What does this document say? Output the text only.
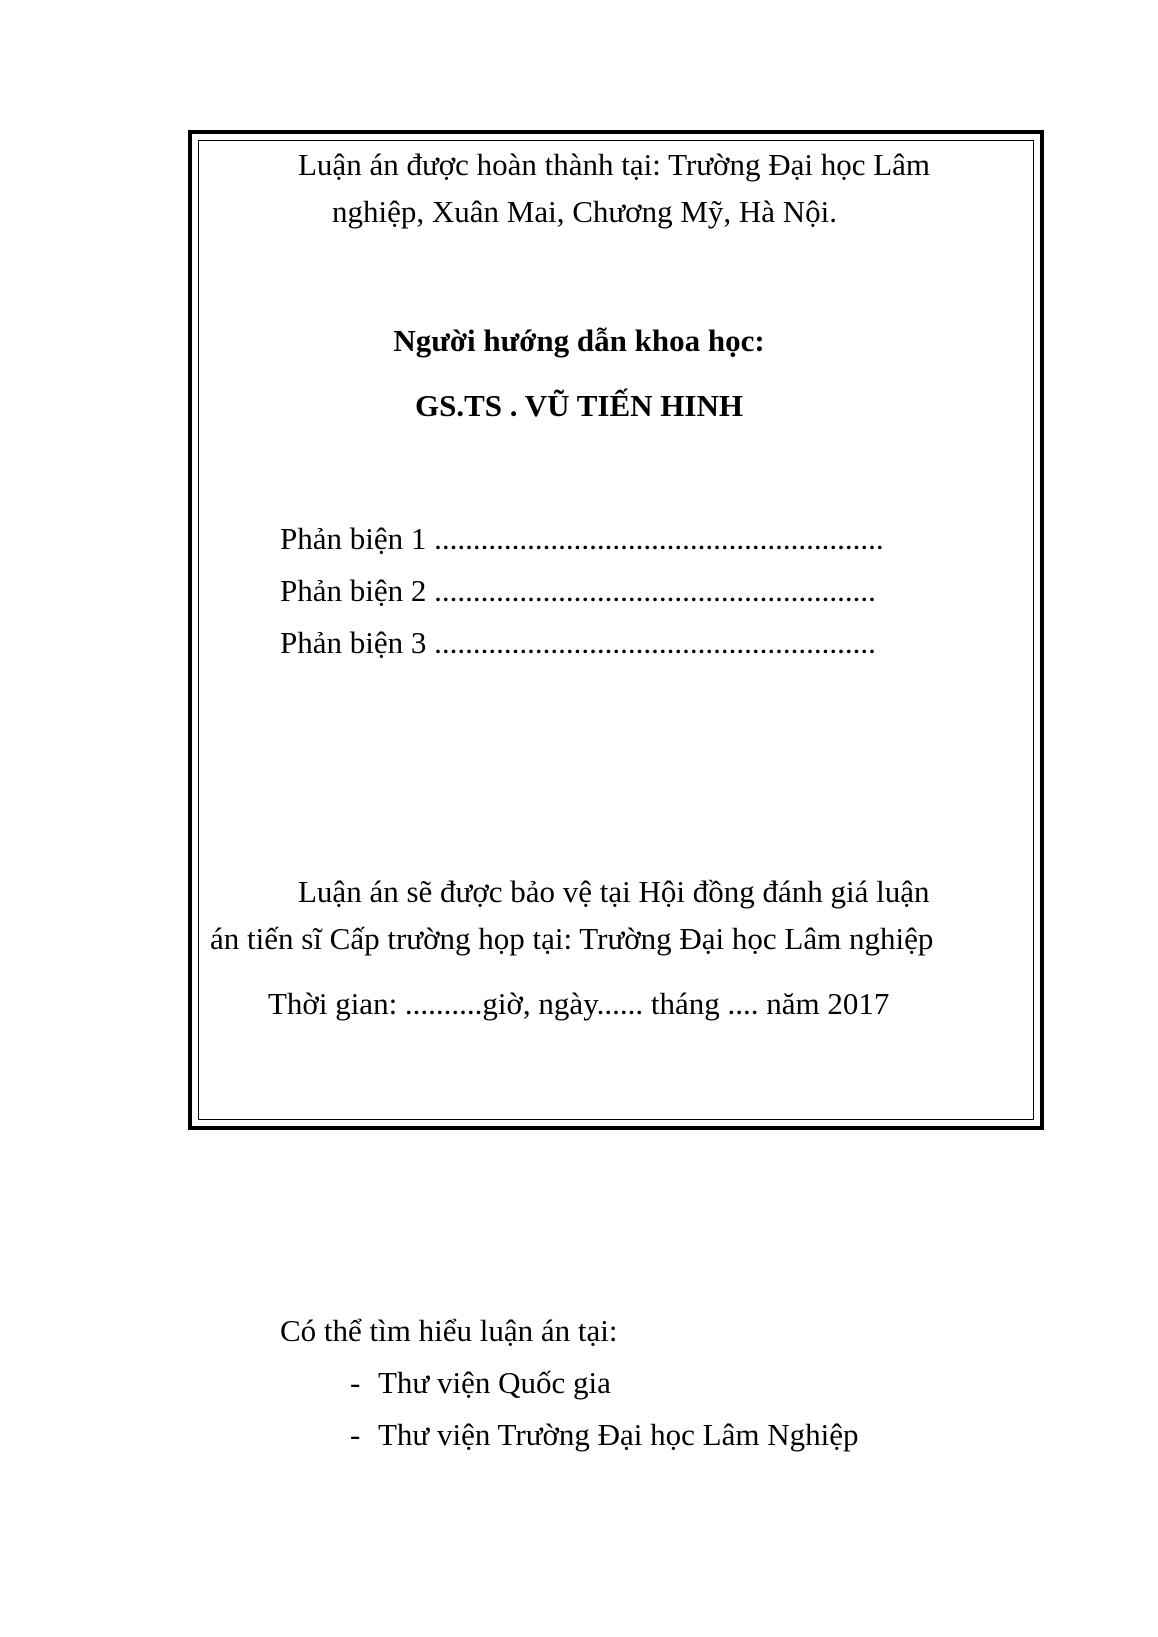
Luận án được hoàn thành tại: Trường Đại học Lâm
nghiệp, Xuân Mai, Chương Mỹ, Hà Nội.
Người hướng dẫn khoa học:
GS.TS . VŨ TIẾN HINH
Phản biện 1 ..........................................................
Phản biện 2 .........................................................
Phản biện 3 .........................................................
Luận án sẽ được bảo vệ tại Hội đồng đánh giá luận
án tiến sĩ Cấp trường họp tại: Trường Đại học Lâm nghiệp
Thời gian: ..........giờ, ngày...... tháng .... năm 2017
Có thể tìm hiểu luận án tại:
- Thư viện Quốc gia
- Thư viện Trường Đại học Lâm Nghiệp
